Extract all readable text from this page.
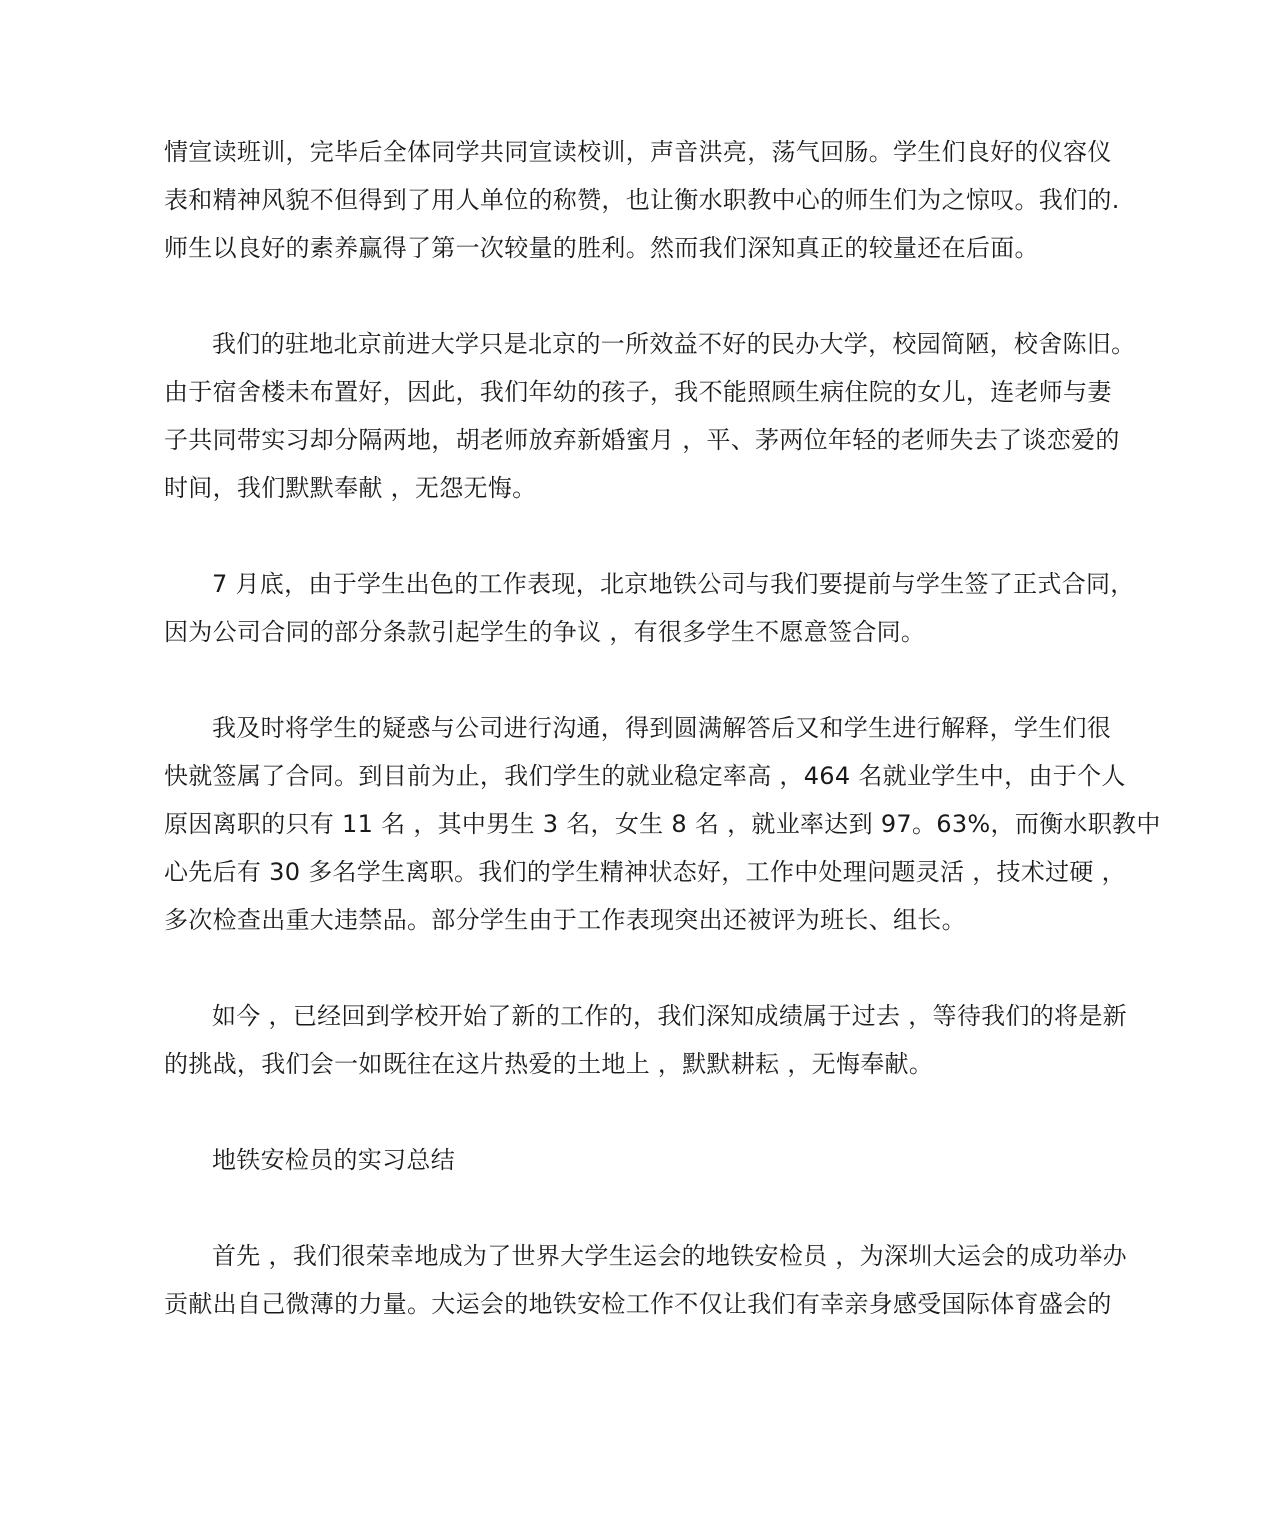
情宣读班训，完毕后全体同学共同宣读校训，声音洪亮，荡气回肠。学生们良好的仪容仪
表和精神风貌不但得到了用人单位的称赞，也让衡水职教中心的师生们为之惊叹。我们的.
师生以良好的素养赢得了第一次较量的胜利。然而我们深知真正的较量还在后面。
我们的驻地北京前进大学只是北京的一所效益不好的民办大学，校园简陋，校舍陈旧。
由于宿舍楼未布置好，因此，我们年幼的孩子，我不能照顾生病住院的女儿，连老师与妻
子共同带实习却分隔两地，胡老师放弃新婚蜜月 ，平、茅两位年轻的老师失去了谈恋爱的
时间，我们默默奉献 ，无怨无悔。
7 月底，由于学生出色的工作表现，北京地铁公司与我们要提前与学生签了正式合同，
因为公司合同的部分条款引起学生的争议 ，有很多学生不愿意签合同。
我及时将学生的疑惑与公司进行沟通，得到圆满解答后又和学生进行解释，学生们很
快就签属了合同。到目前为止，我们学生的就业稳定率高 ，464 名就业学生中，由于个人
原因离职的只有 11 名 ，其中男生 3 名，女生 8 名 ，就业率达到 97。63%，而衡水职教中
心先后有 30 多名学生离职。我们的学生精神状态好，工作中处理问题灵活 ，技术过硬 ，
多次检查出重大违禁品。部分学生由于工作表现突出还被评为班长、组长。
如今 ，已经回到学校开始了新的工作的，我们深知成绩属于过去 ，等待我们的将是新
的挑战，我们会一如既往在这片热爱的土地上 ，默默耕耘 ，无悔奉献。
地铁安检员的实习总结
首先 ，我们很荣幸地成为了世界大学生运会的地铁安检员 ，为深圳大运会的成功举办
贡献出自己微薄的力量。大运会的地铁安检工作不仅让我们有幸亲身感受国际体育盛会的
